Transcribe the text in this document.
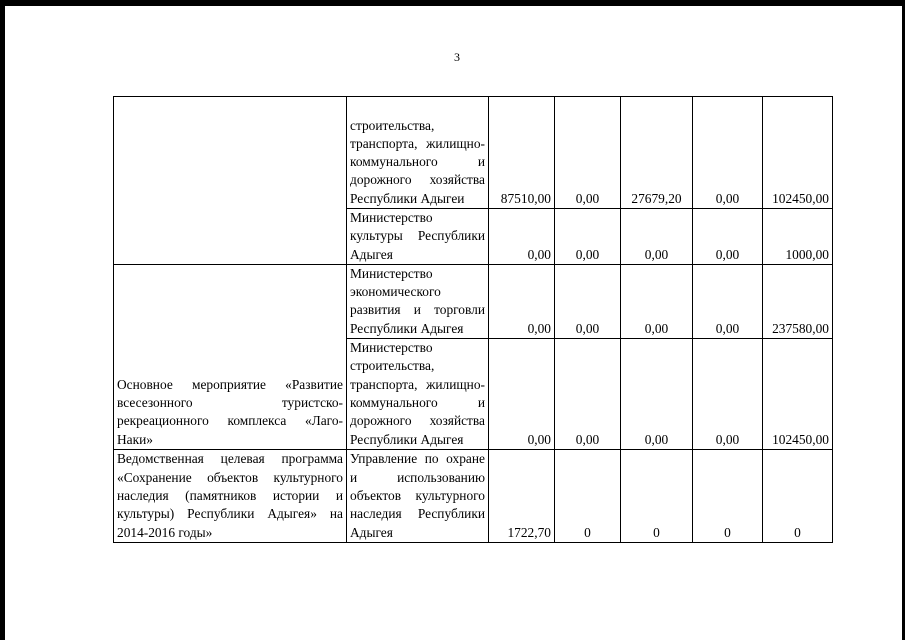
3

	строительства, транспорта, жилищно-коммунального и дорожного хозяйства Республики Адыгеи	87510,00	0,00	27679,20	0,00	102450,00

	Министерство культуры Республики Адыгея	0,00	0,00	0,00	0,00	1000,00
Основное мероприятие «Развитие всесезонного туристско-рекреационного комплекса «Лаго-Наки»	Министерство экономического развития и торговли Республики Адыгея	0,00	0,00	0,00	0,00	237580,00

	Министерство строительства, транспорта, жилищно-коммунального и дорожного хозяйства Республики Адыгея	0,00	0,00	0,00	0,00	102450,00
Ведомственная целевая программа «Сохранение объектов культурного наследия (памятников истории и культуры) Республики Адыгея» на 2014-2016 годы»	Управление по охране и использованию объектов культурного наследия Республики Адыгея	1722,70	0	0	0	0
